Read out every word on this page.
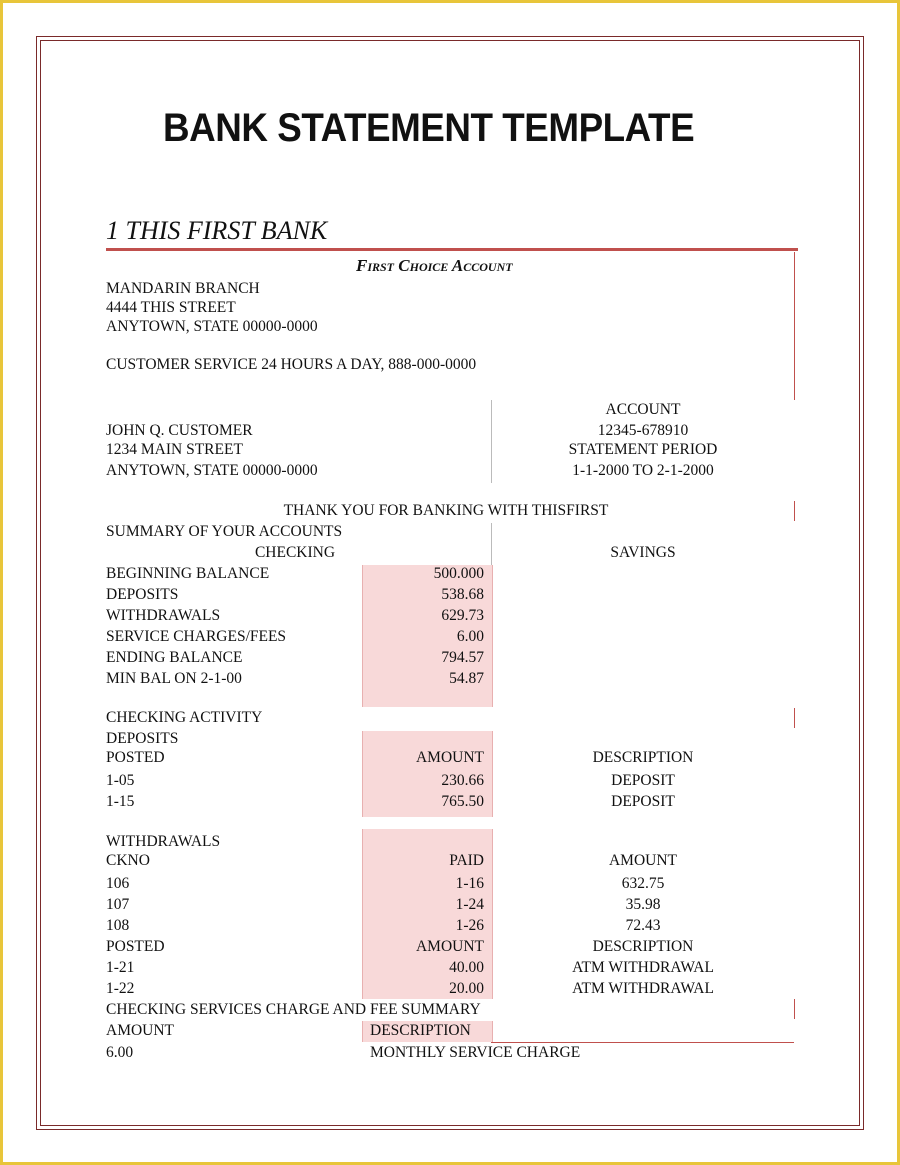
BANK STATEMENT TEMPLATE
1 THIS FIRST BANK
First Choice Account
MANDARIN BRANCH
4444 THIS STREET
ANYTOWN, STATE 00000-0000
CUSTOMER SERVICE 24 HOURS A DAY, 888-000-0000
JOHN Q. CUSTOMER
1234 MAIN STREET
ANYTOWN, STATE 00000-0000
ACCOUNT
12345-678910
STATEMENT PERIOD
1-1-2000 TO 2-1-2000
THANK YOU FOR BANKING WITH THISFIRST
SUMMARY OF YOUR ACCOUNTS
CHECKING	SAVINGS
BEGINNING BALANCE	500.000
DEPOSITS	538.68
WITHDRAWALS	629.73
SERVICE CHARGES/FEES	6.00
ENDING BALANCE	794.57
MIN BAL ON 2-1-00	54.87
CHECKING ACTIVITY
DEPOSITS
POSTED	AMOUNT	DESCRIPTION
1-05	230.66	DEPOSIT
1-15	765.50	DEPOSIT
WITHDRAWALS
CKNO	PAID	AMOUNT
106	1-16	632.75
107	1-24	35.98
108	1-26	72.43
POSTED	AMOUNT	DESCRIPTION
1-21	40.00	ATM WITHDRAWAL
1-22	20.00	ATM WITHDRAWAL
CHECKING SERVICES CHARGE AND FEE SUMMARY
AMOUNT	DESCRIPTION
6.00	MONTHLY SERVICE CHARGE
